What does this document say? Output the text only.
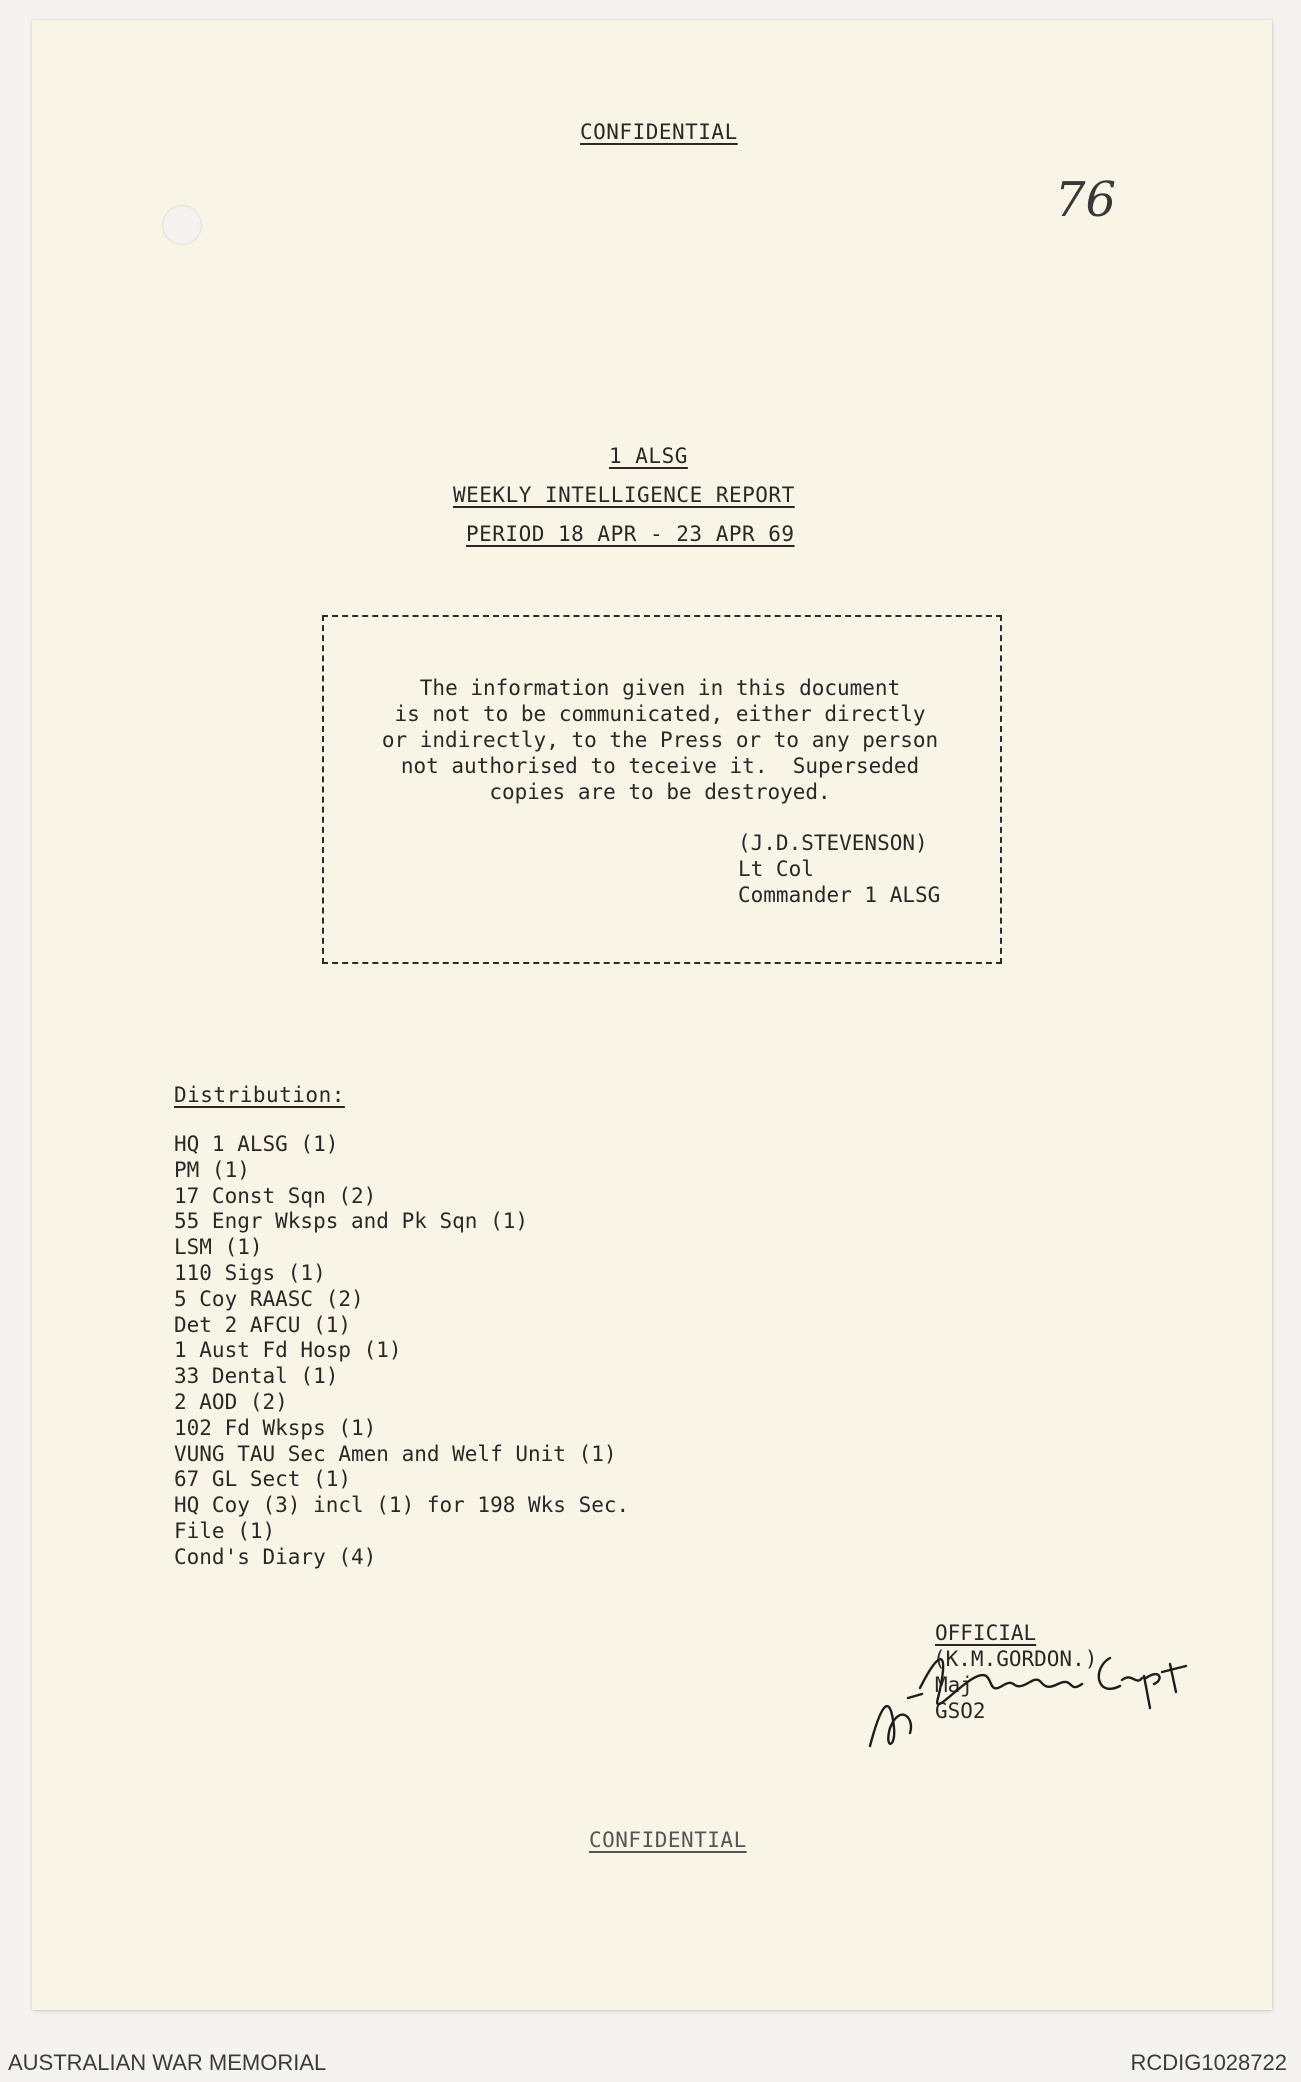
CONFIDENTIAL
76
1 ALSG
WEEKLY INTELLIGENCE REPORT
PERIOD 18 APR - 23 APR 69
The information given in this document
is not to be communicated, either directly
or indirectly, to the Press or to any person
not authorised to teceive it.  Superseded
copies are to be destroyed.
(J.D.STEVENSON)
Lt Col
Commander 1 ALSG
Distribution:
HQ 1 ALSG (1)
PM (1)
17 Const Sqn (2)
55 Engr Wksps and Pk Sqn (1)
LSM (1)
110 Sigs (1)
5 Coy RAASC (2)
Det 2 AFCU (1)
1 Aust Fd Hosp (1)
33 Dental (1)
2 AOD (2)
102 Fd Wksps (1)
VUNG TAU Sec Amen and Welf Unit (1)
67 GL Sect (1)
HQ Coy (3) incl (1) for 198 Wks Sec.
File (1)
Cond's Diary (4)
OFFICIAL
(K.M.GORDON.)
Maj
GSO2
CONFIDENTIAL
AUSTRALIAN WAR MEMORIAL	RCDIG1028722
